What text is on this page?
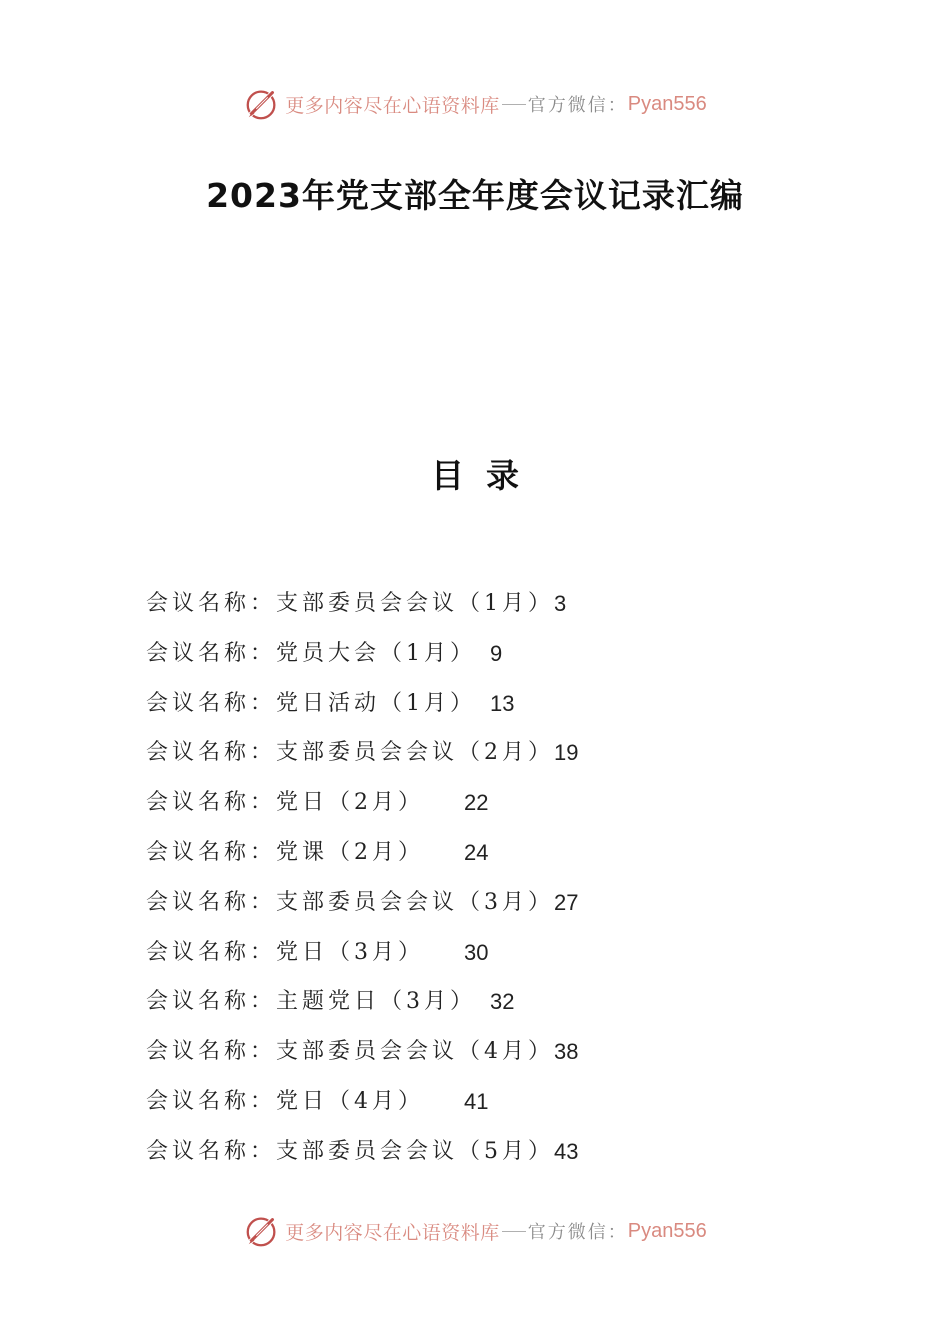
更多内容尽在心语资料库 官方微信： Pyan556
2023年党支部全年度会议记录汇编
目录
会议名称：支部委员会会议（1月） 3
会议名称：党员大会（1月） 9
会议名称：党日活动（1月） 13
会议名称：支部委员会会议（2月） 19
会议名称：党日（2月） 22
会议名称：党课（2月） 24
会议名称：支部委员会会议（3月） 27
会议名称：党日（3月） 30
会议名称：主题党日（3月） 32
会议名称：支部委员会会议（4月） 38
会议名称：党日（4月） 41
会议名称：支部委员会会议（5月） 43
更多内容尽在心语资料库 官方微信： Pyan556
